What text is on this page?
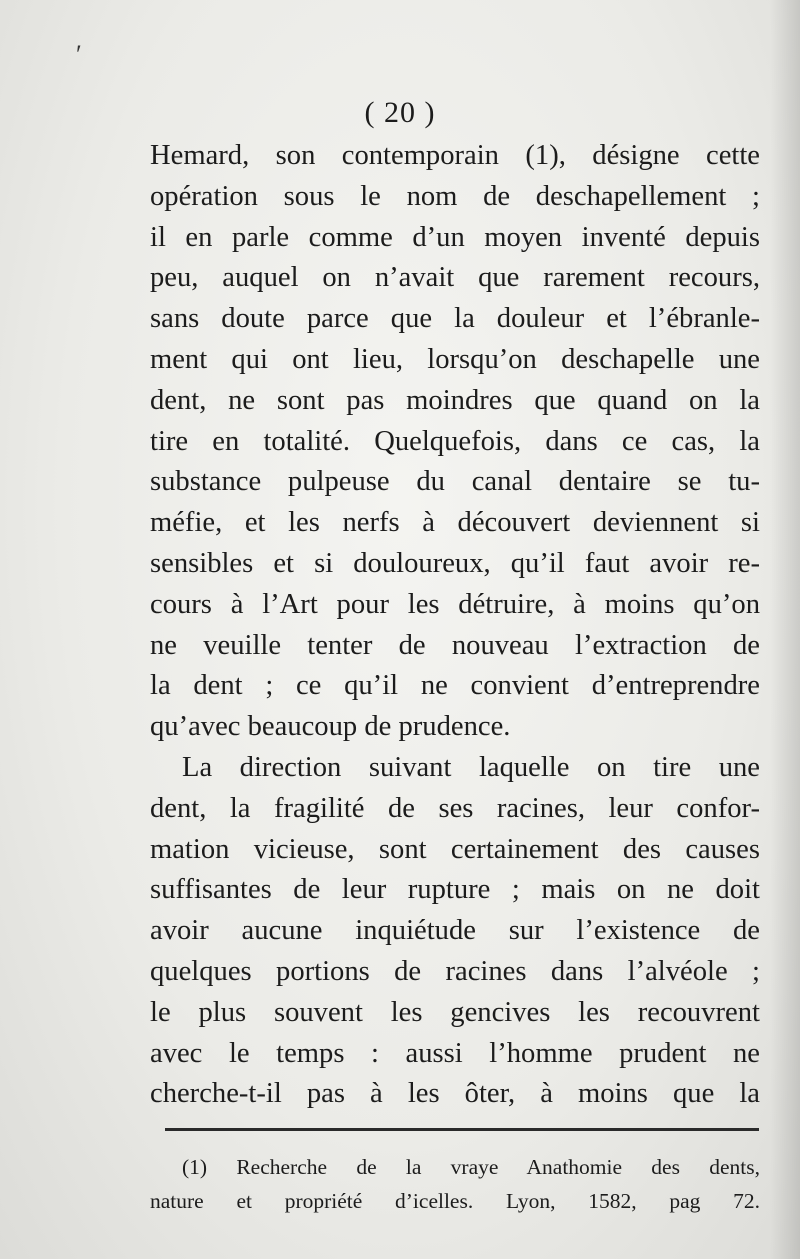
′
( 20 )
Hemard, son contemporain (1), désigne cette
opération sous le nom de deschapellement ;
il en parle comme d’un moyen inventé depuis
peu, auquel on n’avait que rarement recours,
sans doute parce que la douleur et l’ébranle-
ment qui ont lieu, lorsqu’on deschapelle une
dent, ne sont pas moindres que quand on la
tire en totalité. Quelquefois, dans ce cas, la
substance pulpeuse du canal dentaire se tu-
méfie, et les nerfs à découvert deviennent si
sensibles et si douloureux, qu’il faut avoir re-
cours à l’Art pour les détruire, à moins qu’on
ne veuille tenter de nouveau l’extraction de
la dent ; ce qu’il ne convient d’entreprendre
qu’avec beaucoup de prudence.
La direction suivant laquelle on tire une
dent, la fragilité de ses racines, leur confor-
mation vicieuse, sont certainement des causes
suffisantes de leur rupture ; mais on ne doit
avoir aucune inquiétude sur l’existence de
quelques portions de racines dans l’alvéole ;
le plus souvent les gencives les recouvrent
avec le temps : aussi l’homme prudent ne
cherche-t-il pas à les ôter, à moins que la
(1) Recherche de la vraye Anathomie des dents,
nature et propriété d’icelles. Lyon, 1582, pag 72.
